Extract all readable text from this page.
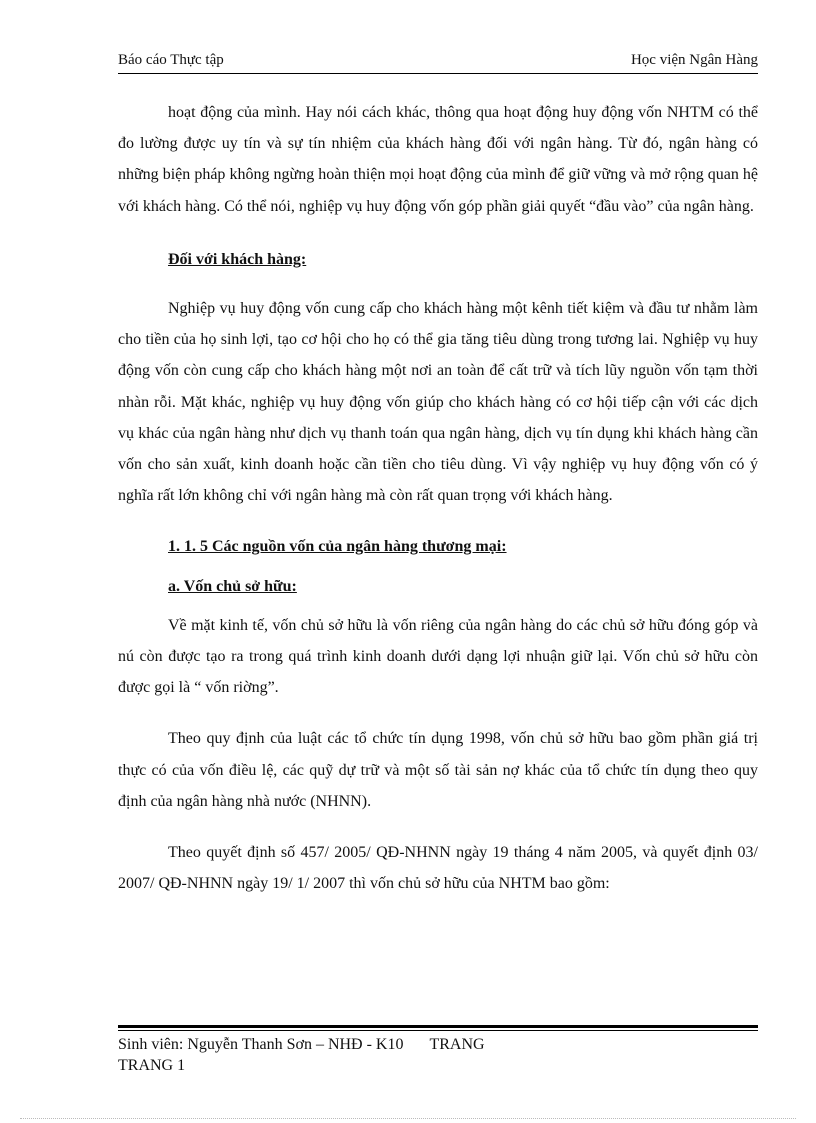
Báo cáo Thực tập	Học viện Ngân Hàng

hoạt động của mình. Hay nói cách khác, thông qua hoạt động huy động vốn NHTM có thể đo lường được uy tín và sự tín nhiệm của khách hàng đối với ngân hàng. Từ đó, ngân hàng có những biện pháp không ngừng hoàn thiện mọi hoạt động của mình để giữ vững và mở rộng quan hệ với khách hàng. Có thể nói, nghiệp vụ huy động vốn góp phần giải quyết “đầu vào” của ngân hàng.

Đối với khách hàng:

Nghiệp vụ huy động vốn cung cấp cho khách hàng một kênh tiết kiệm và đầu tư nhằm làm cho tiền của họ sinh lợi, tạo cơ hội cho họ có thể gia tăng tiêu dùng trong tương lai. Nghiệp vụ huy động vốn còn cung cấp cho khách hàng một nơi an toàn để cất trữ và tích lũy nguồn vốn tạm thời nhàn rỗi. Mặt khác, nghiệp vụ huy động vốn giúp cho khách hàng có cơ hội tiếp cận với các dịch vụ khác của ngân hàng như dịch vụ thanh toán qua ngân hàng, dịch vụ tín dụng khi khách hàng cần vốn cho sản xuất, kinh doanh hoặc cần tiền cho tiêu dùng. Vì vậy nghiệp vụ huy động vốn có ý nghĩa rất lớn không chỉ với ngân hàng mà còn rất quan trọng với khách hàng.

1. 1. 5 Các nguồn vốn của ngân hàng thương mại:

a. Vốn chủ sở hữu:

Về mặt kinh tế, vốn chủ sở hữu là vốn riêng của ngân hàng do các chủ sở hữu đóng góp và nú còn được tạo ra trong quá trình kinh doanh dưới dạng lợi nhuận giữ lại. Vốn chủ sở hữu còn được gọi là “ vốn riờng”.

Theo quy định của luật các tổ chức tín dụng 1998, vốn chủ sở hữu bao gồm phần giá trị thực có của vốn điều lệ, các quỹ dự trữ và một số tài sản nợ khác của tổ chức tín dụng theo quy định của ngân hàng nhà nước (NHNN).

Theo quyết định số 457/ 2005/ QĐ-NHNN ngày 19 tháng 4 năm 2005, và quyết định 03/ 2007/ QĐ-NHNN ngày 19/ 1/ 2007 thì vốn chủ sở hữu của NHTM bao gồm:

Sinh viên: Nguyễn Thanh Sơn – NHĐ - K10 TRANG
TRANG 1
